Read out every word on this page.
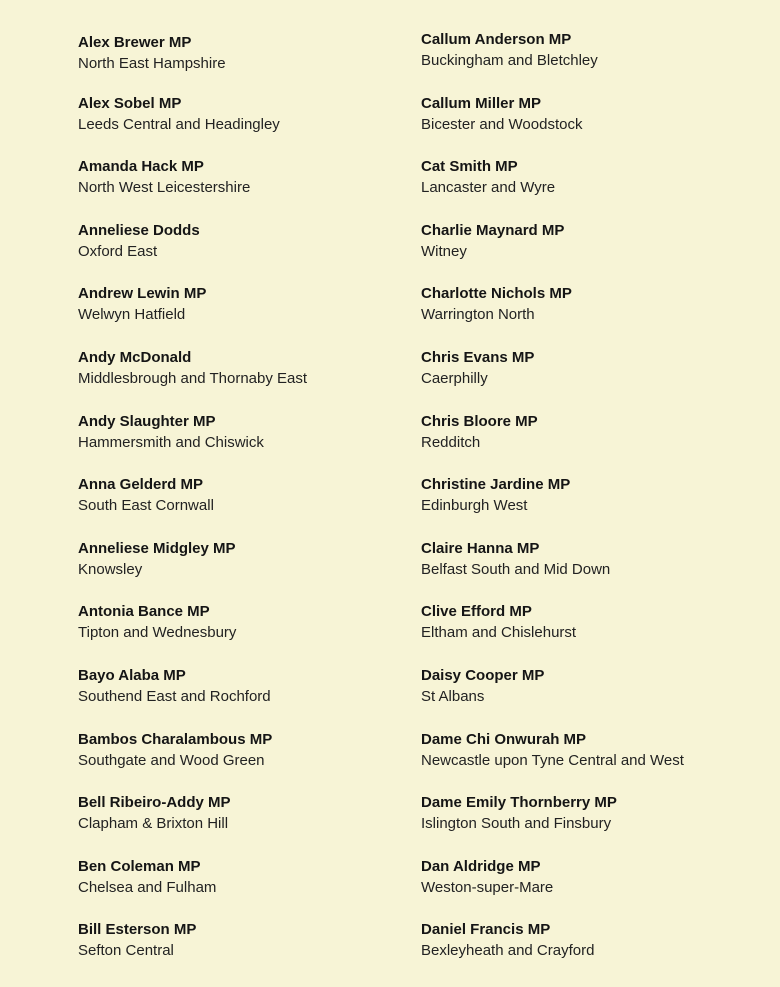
Alex Brewer MP
North East Hampshire
Alex Sobel MP
Leeds Central and Headingley
Amanda Hack MP
North West Leicestershire
Anneliese Dodds
Oxford East
Andrew Lewin MP
Welwyn Hatfield
Andy McDonald
Middlesbrough and Thornaby East
Andy Slaughter MP
Hammersmith and Chiswick
Anna Gelderd MP
South East Cornwall
Anneliese Midgley MP
Knowsley
Antonia Bance MP
Tipton and Wednesbury
Bayo Alaba MP
Southend East and Rochford
Bambos Charalambous MP
Southgate and Wood Green
Bell Ribeiro-Addy MP
Clapham & Brixton Hill
Ben Coleman MP
Chelsea and Fulham
Bill Esterson MP
Sefton Central
Callum Anderson MP
Buckingham and Bletchley
Callum Miller MP
Bicester and Woodstock
Cat Smith MP
Lancaster and Wyre
Charlie Maynard MP
Witney
Charlotte Nichols MP
Warrington North
Chris Evans MP
Caerphilly
Chris Bloore MP
Redditch
Christine Jardine MP
Edinburgh West
Claire Hanna MP
Belfast South and Mid Down
Clive Efford MP
Eltham and Chislehurst
Daisy Cooper MP
St Albans
Dame Chi Onwurah MP
Newcastle upon Tyne Central and West
Dame Emily Thornberry MP
Islington South and Finsbury
Dan Aldridge MP
Weston-super-Mare
Daniel Francis MP
Bexleyheath and Crayford
